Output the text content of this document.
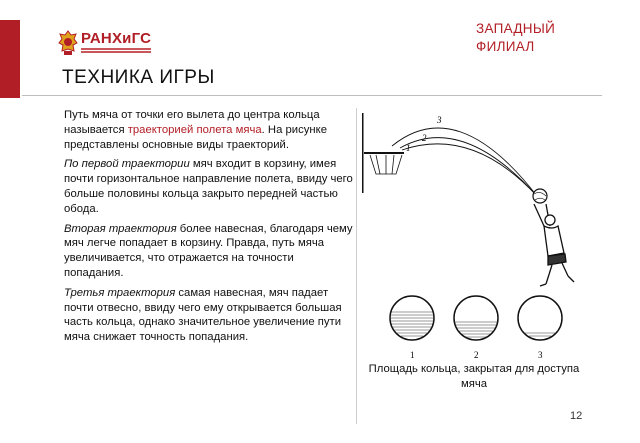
РАНХиГС
ЗАПАДНЫЙ
ФИЛИАЛ
ТЕХНИКА ИГРЫ

Путь мяча от точки его вылета до центра кольца называется траекторией полета мяча. На рисунке представлены основные виды траекторий.

По первой траектории мяч входит в корзину, имея почти горизонтальное направление полета, ввиду чего больше половины кольца закрыто передней частью обода.

Вторая траектория более навесная, благодаря чему мяч легче попадает в корзину. Правда, путь мяча увеличивается, что отражается на точности попадания.

Третья траектория самая навесная, мяч падает почти отвесно, ввиду чего ему открывается большая часть кольца, однако значительное увеличение пути мяча снижает точность попадания.

1
2
3
1	2	3
Площадь кольца, закрытая для доступа мяча
12
